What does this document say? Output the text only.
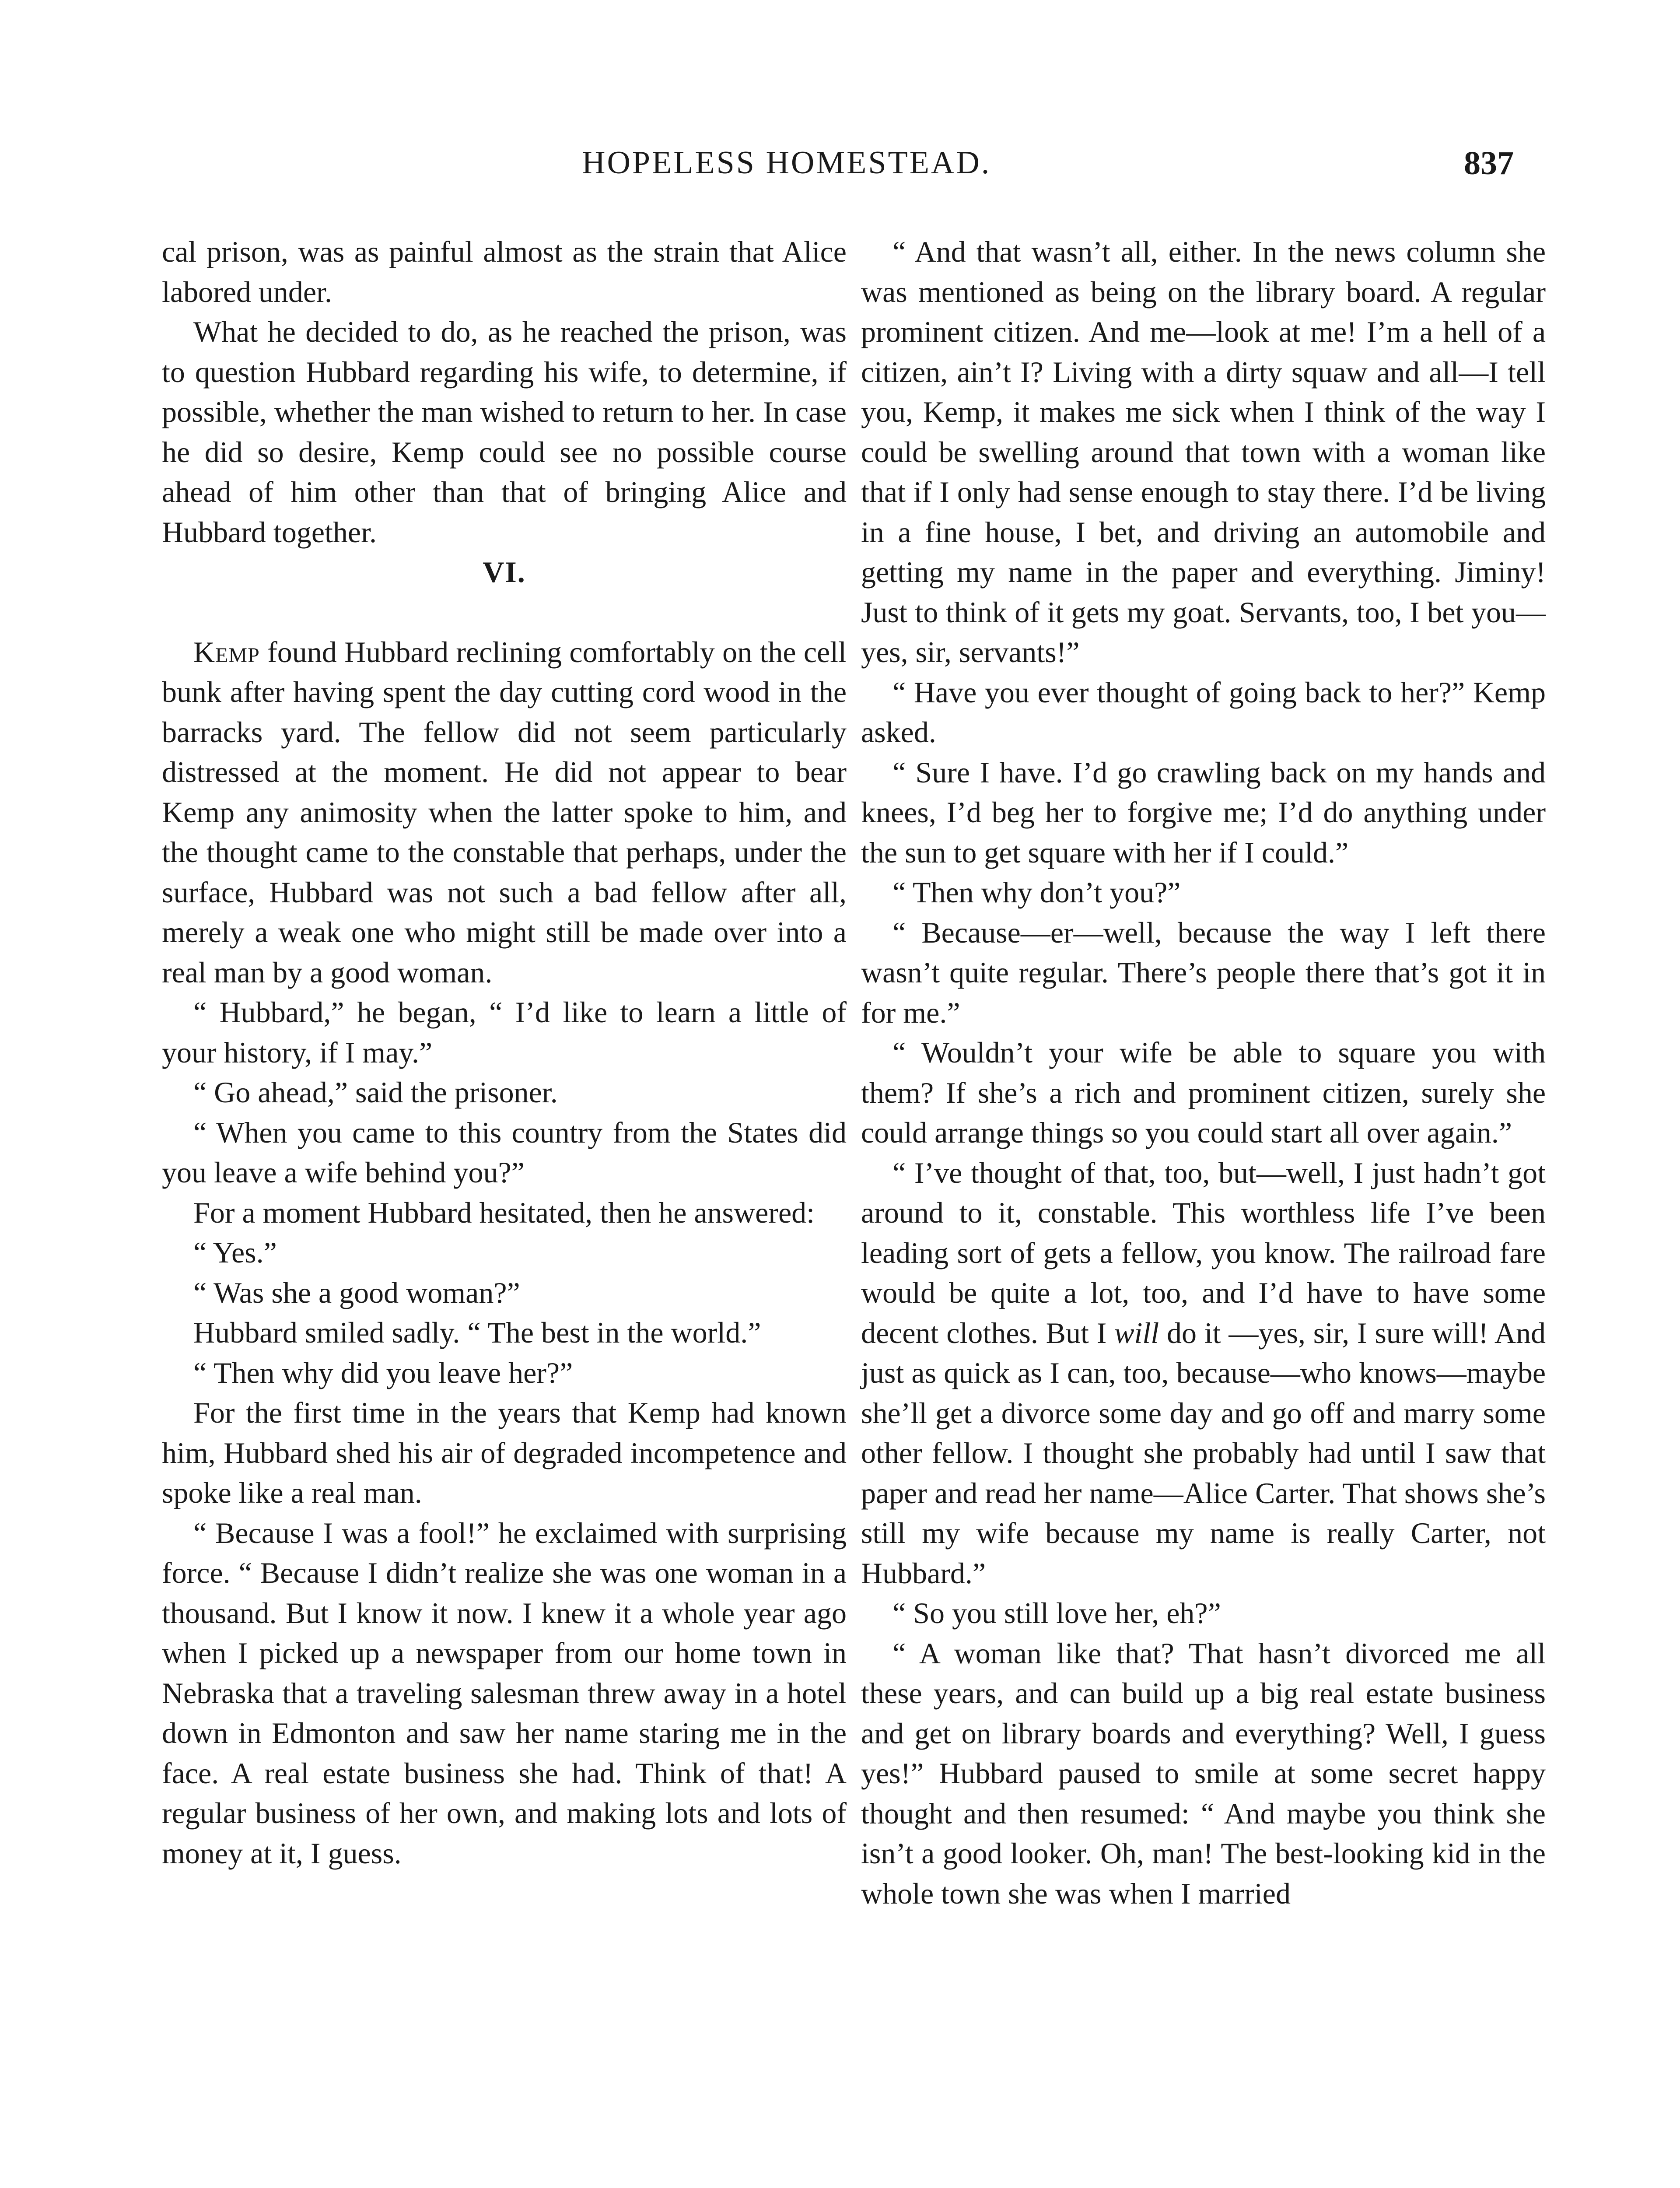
HOPELESS HOMESTEAD.	837

cal prison, was as painful almost as the strain that Alice labored under.

What he decided to do, as he reached the prison, was to question Hubbard regarding his wife, to determine, if possible, whether the man wished to return to her. In case he did so desire, Kemp could see no possible course ahead of him other than that of bringing Alice and Hubbard together.

VI.

Kemp found Hubbard reclining comfortably on the cell bunk after having spent the day cutting cord wood in the barracks yard. The fellow did not seem particularly distressed at the moment. He did not appear to bear Kemp any animosity when the latter spoke to him, and the thought came to the constable that perhaps, under the surface, Hubbard was not such a bad fellow after all, merely a weak one who might still be made over into a real man by a good woman.

“ Hubbard,” he began, “ I’d like to learn a little of your history, if I may.”

“ Go ahead,” said the prisoner.

“ When you came to this country from the States did you leave a wife behind you?”

For a moment Hubbard hesitated, then he answered:

“ Yes.”

“ Was she a good woman?”

Hubbard smiled sadly. “ The best in the world.”

“ Then why did you leave her?”

For the first time in the years that Kemp had known him, Hubbard shed his air of degraded incompetence and spoke like a real man.

“ Because I was a fool!” he exclaimed with surprising force. “ Because I didn’t realize she was one woman in a thousand. But I know it now. I knew it a whole year ago when I picked up a newspaper from our home town in Nebraska that a traveling salesman threw away in a hotel down in Edmonton and saw her name staring me in the face. A real estate business she had. Think of that! A regular business of her own, and making lots and lots of money at it, I guess.

“ And that wasn’t all, either. In the news column she was mentioned as being on the library board. A regular prominent citizen. And me—look at me! I’m a hell of a citizen, ain’t I? Living with a dirty squaw and all—I tell you, Kemp, it makes me sick when I think of the way I could be swelling around that town with a woman like that if I only had sense enough to stay there. I’d be living in a fine house, I bet, and driving an automobile and getting my name in the paper and everything. Jiminy! Just to think of it gets my goat. Servants, too, I bet you—yes, sir, servants!”

“ Have you ever thought of going back to her?” Kemp asked.

“ Sure I have. I’d go crawling back on my hands and knees, I’d beg her to forgive me; I’d do anything under the sun to get square with her if I could.”

“ Then why don’t you?”

“ Because—er—well, because the way I left there wasn’t quite regular. There’s people there that’s got it in for me.”

“ Wouldn’t your wife be able to square you with them? If she’s a rich and prominent citizen, surely she could arrange things so you could start all over again.”

“ I’ve thought of that, too, but—well, I just hadn’t got around to it, constable. This worthless life I’ve been leading sort of gets a fellow, you know. The railroad fare would be quite a lot, too, and I’d have to have some decent clothes. But I will do it —yes, sir, I sure will! And just as quick as I can, too, because—who knows—maybe she’ll get a divorce some day and go off and marry some other fellow. I thought she probably had until I saw that paper and read her name—Alice Carter. That shows she’s still my wife because my name is really Carter, not Hubbard.”

“ So you still love her, eh?”

“ A woman like that? That hasn’t divorced me all these years, and can build up a big real estate business and get on library boards and everything? Well, I guess yes!” Hubbard paused to smile at some secret happy thought and then resumed: “ And maybe you think she isn’t a good looker. Oh, man! The best-looking kid in the whole town she was when I married
